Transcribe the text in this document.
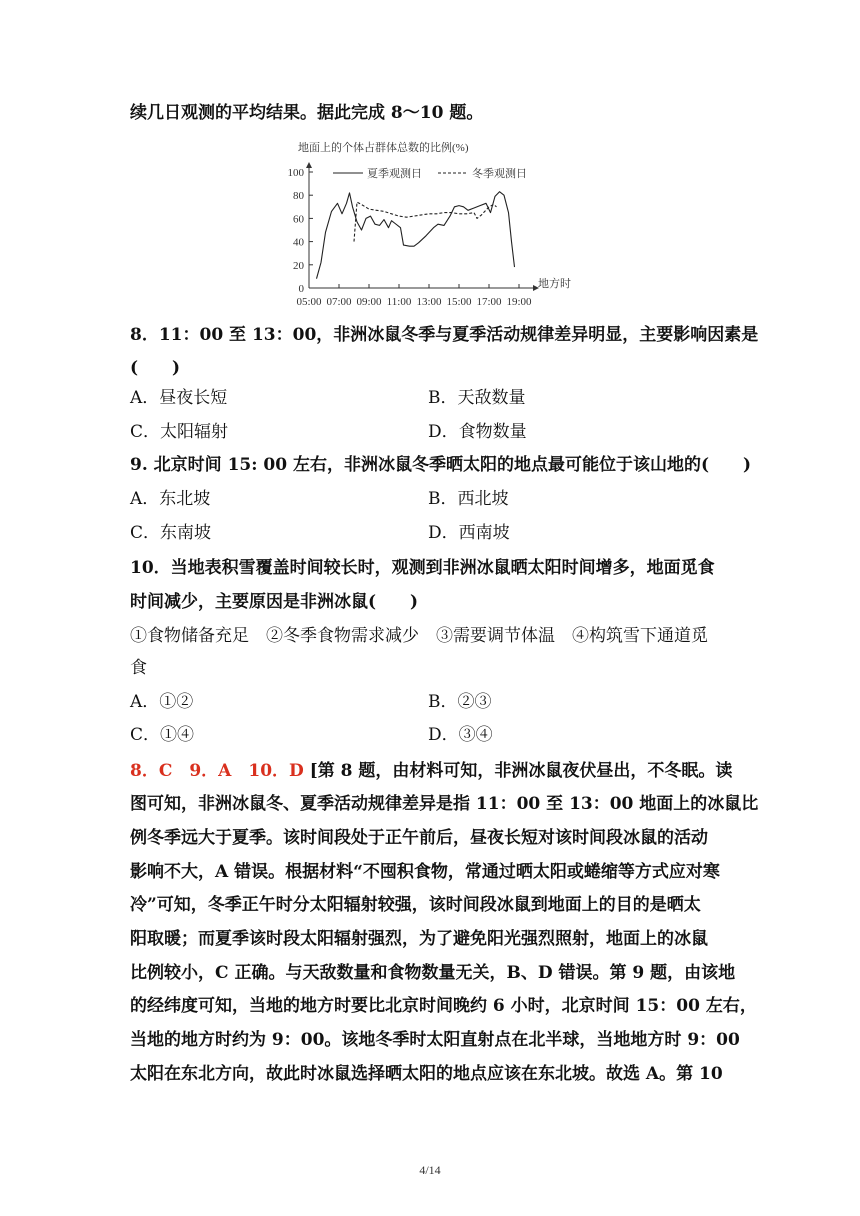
续几日观测的平均结果。据此完成 8～10 题。
地面上的个体占群体总数的比例(%)
0
20
40
60
80
100
05:00 07:00 09:00 11:00 13:00 15:00 17:00 19:00
夏季观测日	冬季观测日
地方时
8．11：00 至 13：00，非洲冰鼠冬季与夏季活动规律差异明显，主要影响因素是
(　　)
A．昼夜长短	B．天敌数量
C．太阳辐射	D．食物数量
9. 北京时间 15: 00 左右，非洲冰鼠冬季晒太阳的地点最可能位于该山地的(　　)
A．东北坡	B．西北坡
C．东南坡	D．西南坡
10．当地表积雪覆盖时间较长时，观测到非洲冰鼠晒太阳时间增多，地面觅食
时间减少，主要原因是非洲冰鼠(　　)
①食物储备充足　②冬季食物需求减少　③需要调节体温　④构筑雪下通道觅
食
A．①②	B．②③
C．①④	D．③④
8．C　9．A　10．D [第 8 题，由材料可知，非洲冰鼠夜伏昼出，不冬眠。读
图可知，非洲冰鼠冬、夏季活动规律差异是指 11：00 至 13：00 地面上的冰鼠比
例冬季远大于夏季。该时间段处于正午前后，昼夜长短对该时间段冰鼠的活动
影响不大，A 错误。根据材料“不囤积食物，常通过晒太阳或蜷缩等方式应对寒
冷”可知，冬季正午时分太阳辐射较强，该时间段冰鼠到地面上的目的是晒太
阳取暖；而夏季该时段太阳辐射强烈，为了避免阳光强烈照射，地面上的冰鼠
比例较小，C 正确。与天敌数量和食物数量无关，B、D 错误。第 9 题，由该地
的经纬度可知，当地的地方时要比北京时间晚约 6 小时，北京时间 15：00 左右，
当地的地方时约为 9：00。该地冬季时太阳直射点在北半球，当地地方时 9：00
太阳在东北方向，故此时冰鼠选择晒太阳的地点应该在东北坡。故选 A。第 10
4/14
